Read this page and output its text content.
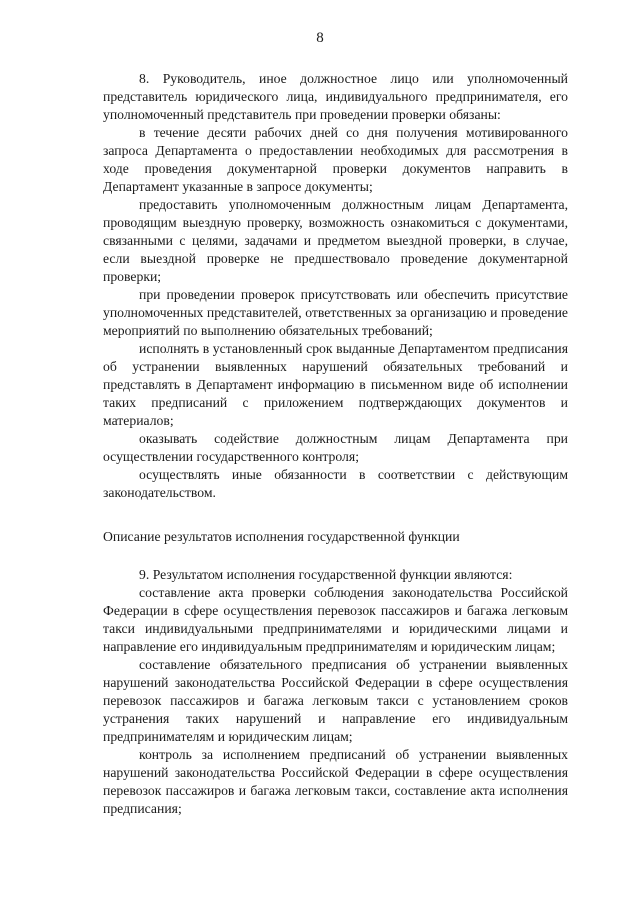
8

8. Руководитель, иное должностное лицо или уполномоченный представитель юридического лица, индивидуального предпринимателя, его уполномоченный представитель при проведении проверки обязаны:

в течение десяти рабочих дней со дня получения мотивированного запроса Департамента о предоставлении необходимых для рассмотрения в ходе проведения документарной проверки документов направить в Департамент указанные в запросе документы;

предоставить уполномоченным должностным лицам Департамента, проводящим выездную проверку, возможность ознакомиться с документами, связанными с целями, задачами и предметом выездной проверки, в случае, если выездной проверке не предшествовало проведение документарной проверки;

при проведении проверок присутствовать или обеспечить присутствие уполномоченных представителей, ответственных за организацию и проведение мероприятий по выполнению обязательных требований;

исполнять в установленный срок выданные Департаментом предписания об устранении выявленных нарушений обязательных требований и представлять в Департамент информацию в письменном виде об исполнении таких предписаний с приложением подтверждающих документов и материалов;

оказывать содействие должностным лицам Департамента при осуществлении государственного контроля;

осуществлять иные обязанности в соответствии с действующим законодательством.

Описание результатов исполнения государственной функции

9. Результатом исполнения государственной функции являются:

составление акта проверки соблюдения законодательства Российской Федерации в сфере осуществления перевозок пассажиров и багажа легковым такси индивидуальными предпринимателями и юридическими лицами и направление его индивидуальным предпринимателям и юридическим лицам;

составление обязательного предписания об устранении выявленных нарушений законодательства Российской Федерации в сфере осуществления перевозок пассажиров и багажа легковым такси с установлением сроков устранения таких нарушений и направление его индивидуальным предпринимателям и юридическим лицам;

контроль за исполнением предписаний об устранении выявленных нарушений законодательства Российской Федерации в сфере осуществления перевозок пассажиров и багажа легковым такси, составление акта исполнения предписания;
